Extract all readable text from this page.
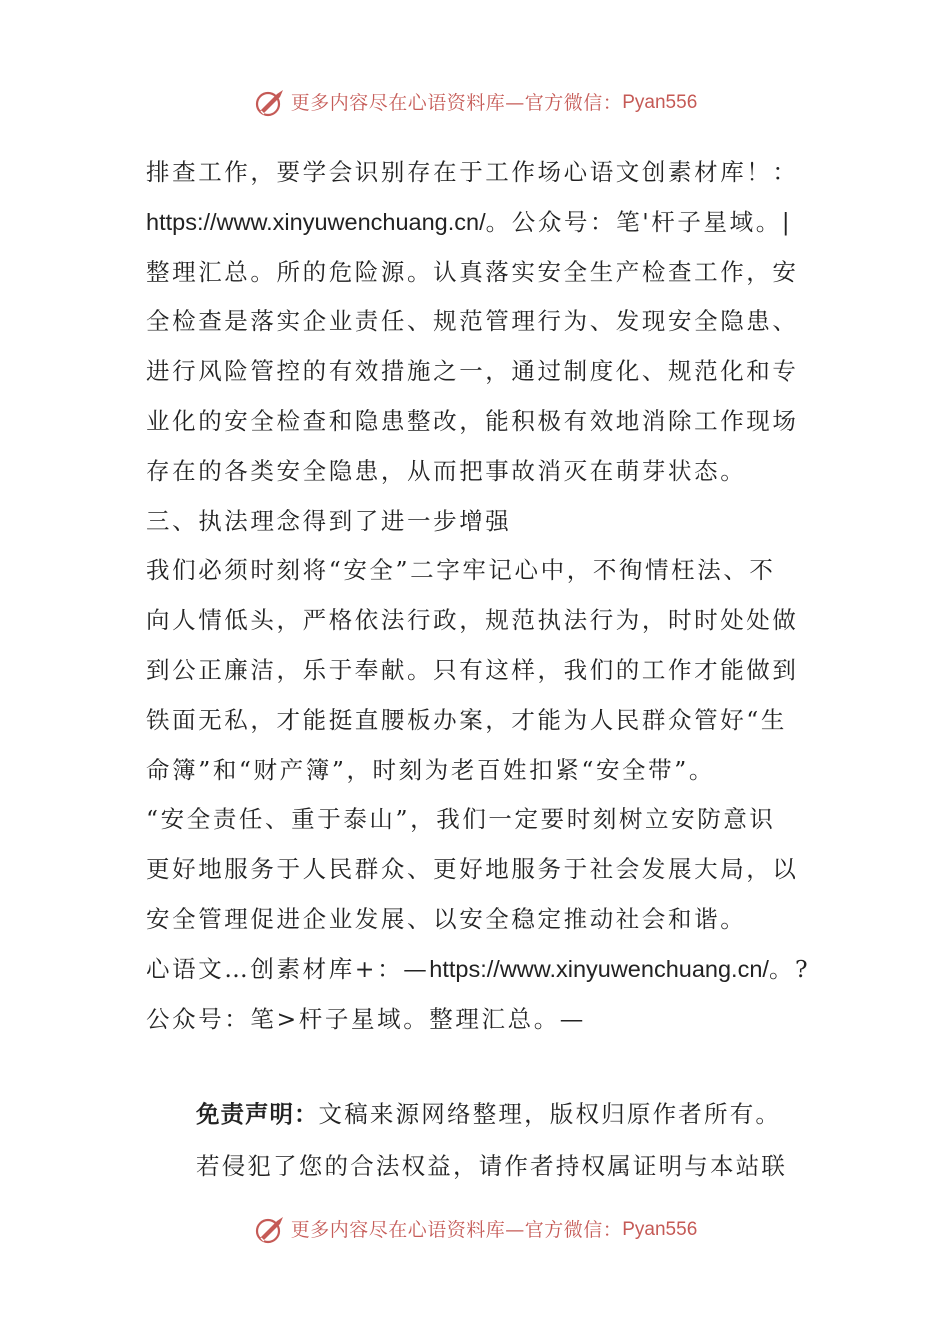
更多内容尽在心语资料库—官方微信：Pyan556
排查工作，要学会识别存在于工作场心语文创素材库！：
https://www.xinyuwenchuang.cn/。公众号：笔'杆子星域。|
整理汇总。所的危险源。认真落实安全生产检查工作，安
全检查是落实企业责任、规范管理行为、发现安全隐患、
进行风险管控的有效措施之一，通过制度化、规范化和专
业化的安全检查和隐患整改，能积极有效地消除工作现场
存在的各类安全隐患，从而把事故消灭在萌芽状态。
三、执法理念得到了进一步增强
我们必须时刻将“安全”二字牢记心中，不徇情枉法、不
向人情低头，严格依法行政，规范执法行为，时时处处做
到公正廉洁，乐于奉献。只有这样，我们的工作才能做到
铁面无私，才能挺直腰板办案，才能为人民群众管好“生
命簿”和“财产簿”，时刻为老百姓扣紧“安全带”。
“安全责任、重于泰山”，我们一定要时刻树立安防意识
更好地服务于人民群众、更好地服务于社会发展大局，以
安全管理促进企业发展、以安全稳定推动社会和谐。
心语文…创素材库+：—https://www.xinyuwenchuang.cn/。?
公众号：笔>杆子星域。整理汇总。—
免责声明：文稿来源网络整理，版权归原作者所有。
若侵犯了您的合法权益，请作者持权属证明与本站联
更多内容尽在心语资料库—官方微信：Pyan556
